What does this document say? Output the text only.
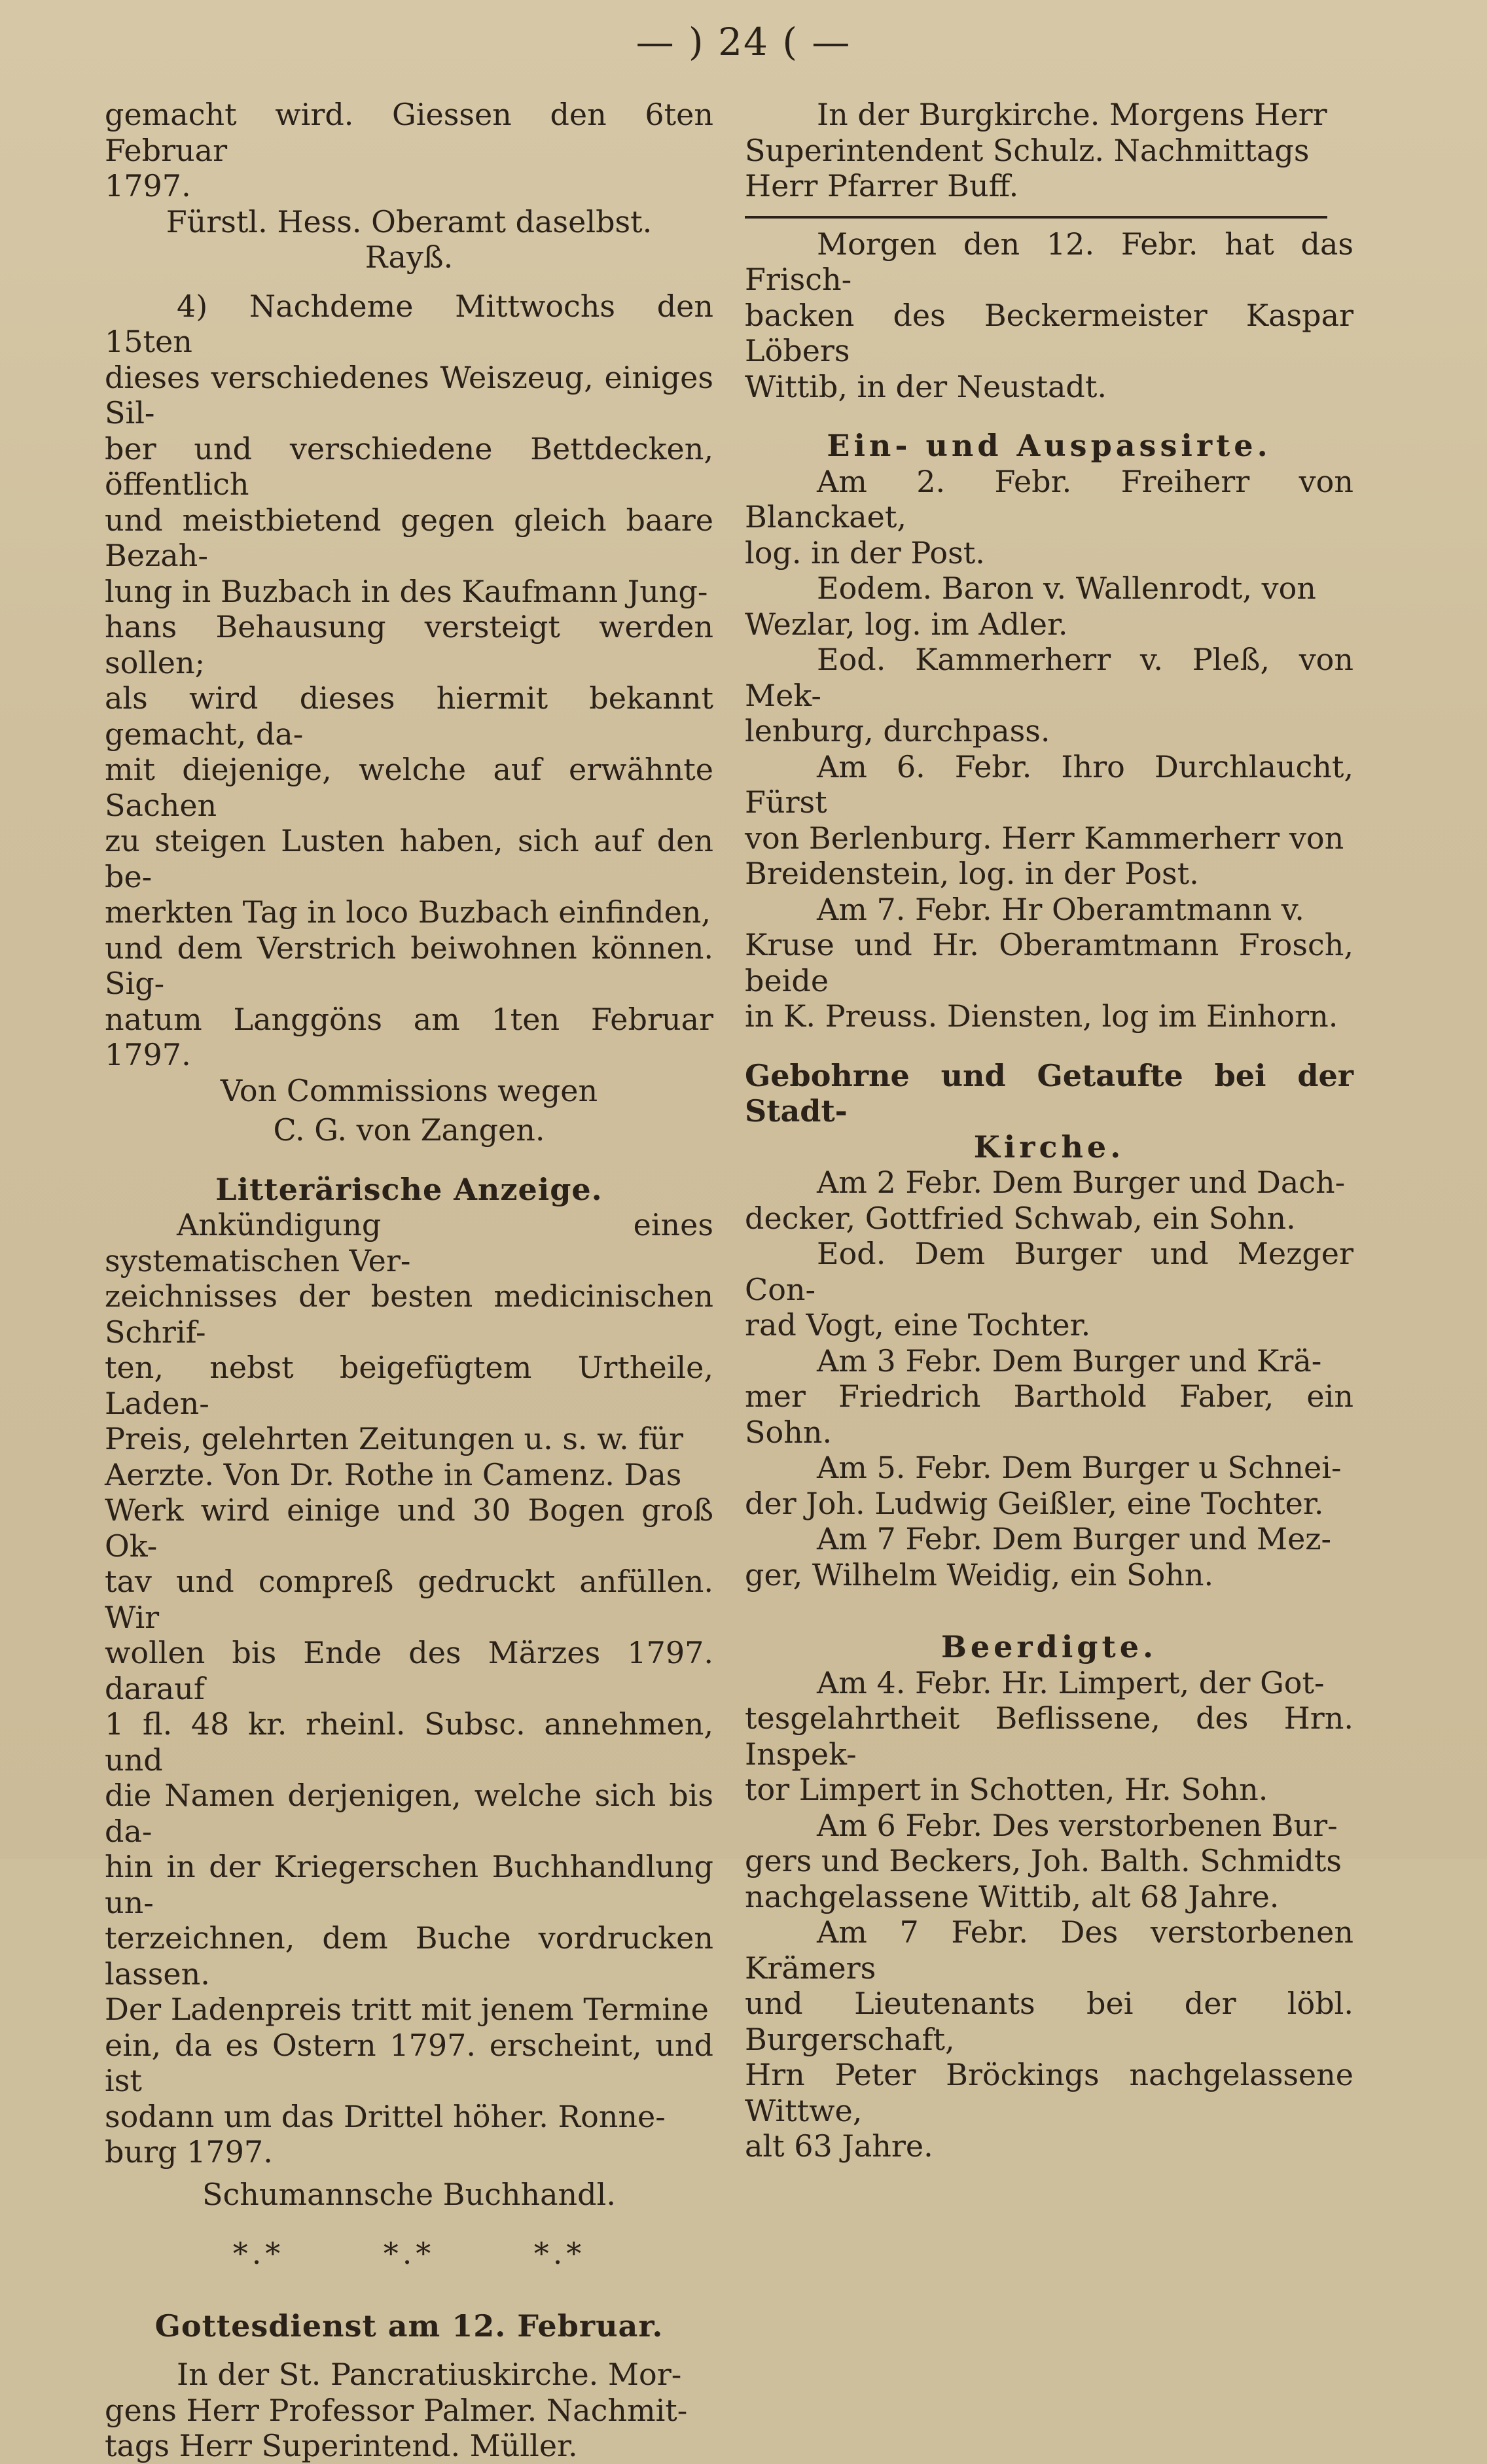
— ) 24 ( —

gemacht wird. Giessen den 6ten Februar

1797.

Fürstl. Hess. Oberamt daselbst.

Rayß.

4) Nachdeme Mittwochs den 15ten

dieses verschiedenes Weiszeug, einiges Sil-

ber und verschiedene Bettdecken, öffentlich

und meistbietend gegen gleich baare Bezah-

lung in Buzbach in des Kaufmann Jung-

hans Behausung versteigt werden sollen;

als wird dieses hiermit bekannt gemacht, da-

mit diejenige, welche auf erwähnte Sachen

zu steigen Lusten haben, sich auf den be-

merkten Tag in loco Buzbach einfinden,

und dem Verstrich beiwohnen können. Sig-

natum Langgöns am 1ten Februar 1797.

Von Commissions wegen

C. G. von Zangen.

Litterärische Anzeige.

Ankündigung eines systematischen Ver-

zeichnisses der besten medicinischen Schrif-

ten, nebst beigefügtem Urtheile, Laden-

Preis, gelehrten Zeitungen u. s. w. für

Aerzte. Von Dr. Rothe in Camenz. Das

Werk wird einige und 30 Bogen groß Ok-

tav und compreß gedruckt anfüllen. Wir

wollen bis Ende des Märzes 1797. darauf

1 fl. 48 kr. rheinl. Subsc. annehmen, und

die Namen derjenigen, welche sich bis da-

hin in der Kriegerschen Buchhandlung un-

terzeichnen, dem Buche vordrucken lassen.

Der Ladenpreis tritt mit jenem Termine

ein, da es Ostern 1797. erscheint, und ist

sodann um das Drittel höher. Ronne-

burg 1797.

Schumannsche Buchhandl.

*.*	*.*	*.*

Gottesdienst am 12. Februar.

In der St. Pancratiuskirche. Mor-

gens Herr Professor Palmer. Nachmit-

tags Herr Superintend. Müller.

In der Burgkirche. Morgens Herr

Superintendent Schulz. Nachmittags

Herr Pfarrer Buff.

Morgen den 12. Febr. hat das Frisch-

backen des Beckermeister Kaspar Löbers

Wittib, in der Neustadt.

Ein- und Auspassirte.

Am 2. Febr. Freiherr von Blanckaet,

log. in der Post.

Eodem. Baron v. Wallenrodt, von

Wezlar, log. im Adler.

Eod. Kammerherr v. Pleß, von Mek-

lenburg, durchpass.

Am 6. Febr. Ihro Durchlaucht, Fürst

von Berlenburg. Herr Kammerherr von

Breidenstein, log. in der Post.

Am 7. Febr. Hr Oberamtmann v.

Kruse und Hr. Oberamtmann Frosch, beide

in K. Preuss. Diensten, log im Einhorn.

Gebohrne und Getaufte bei der Stadt-

Kirche.

Am 2 Febr. Dem Burger und Dach-

decker, Gottfried Schwab, ein Sohn.

Eod. Dem Burger und Mezger Con-

rad Vogt, eine Tochter.

Am 3 Febr. Dem Burger und Krä-

mer Friedrich Barthold Faber, ein Sohn.

Am 5. Febr. Dem Burger u Schnei-

der Joh. Ludwig Geißler, eine Tochter.

Am 7 Febr. Dem Burger und Mez-

ger, Wilhelm Weidig, ein Sohn.

Beerdigte.

Am 4. Febr. Hr. Limpert, der Got-

tesgelahrtheit Beflissene, des Hrn. Inspek-

tor Limpert in Schotten, Hr. Sohn.

Am 6 Febr. Des verstorbenen Bur-

gers und Beckers, Joh. Balth. Schmidts

nachgelassene Wittib, alt 68 Jahre.

Am 7 Febr. Des verstorbenen Krämers

und Lieutenants bei der löbl. Burgerschaft,

Hrn Peter Bröckings nachgelassene Wittwe,

alt 63 Jahre.
